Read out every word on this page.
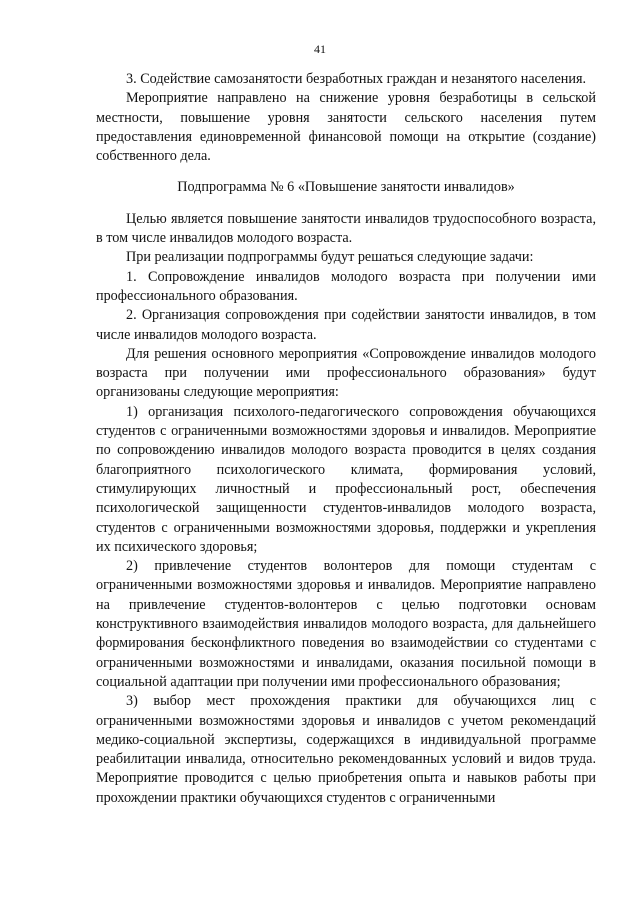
41

3. Содействие самозанятости безработных граждан и незанятого населения.

Мероприятие направлено на снижение уровня безработицы в сельской местности, повышение уровня занятости сельского населения путем предоставления единовременной финансовой помощи на открытие (создание) собственного дела.

Подпрограмма № 6 «Повышение занятости инвалидов»

Целью является повышение занятости инвалидов трудоспособного возраста, в том числе инвалидов молодого возраста.

При реализации подпрограммы будут решаться следующие задачи:

1. Сопровождение инвалидов молодого возраста при получении ими профессионального образования.

2. Организация сопровождения при содействии занятости инвалидов, в том числе инвалидов молодого возраста.

Для решения основного мероприятия «Сопровождение инвалидов молодого возраста при получении ими профессионального образования» будут организованы следующие мероприятия:

1) организация психолого-педагогического сопровождения обучающихся студентов с ограниченными возможностями здоровья и инвалидов. Мероприятие по сопровождению инвалидов молодого возраста проводится в целях создания благоприятного психологического климата, формирования условий, стимулирующих личностный и профессиональный рост, обеспечения психологической защищенности студентов-инвалидов молодого возраста, студентов с ограниченными возможностями здоровья, поддержки и укрепления их психического здоровья;

2) привлечение студентов волонтеров для помощи студентам с ограниченными возможностями здоровья и инвалидов. Мероприятие направлено на привлечение студентов-волонтеров с целью подготовки основам конструктивного взаимодействия инвалидов молодого возраста, для дальнейшего формирования бесконфликтного поведения во взаимодействии со студентами с ограниченными возможностями и инвалидами, оказания посильной помощи в социальной адаптации при получении ими профессионального образования;

3) выбор мест прохождения практики для обучающихся лиц с ограниченными возможностями здоровья и инвалидов с учетом рекомендаций медико-социальной экспертизы, содержащихся в индивидуальной программе реабилитации инвалида, относительно рекомендованных условий и видов труда. Мероприятие проводится с целью приобретения опыта и навыков работы при прохождении практики обучающихся студентов с ограниченными
